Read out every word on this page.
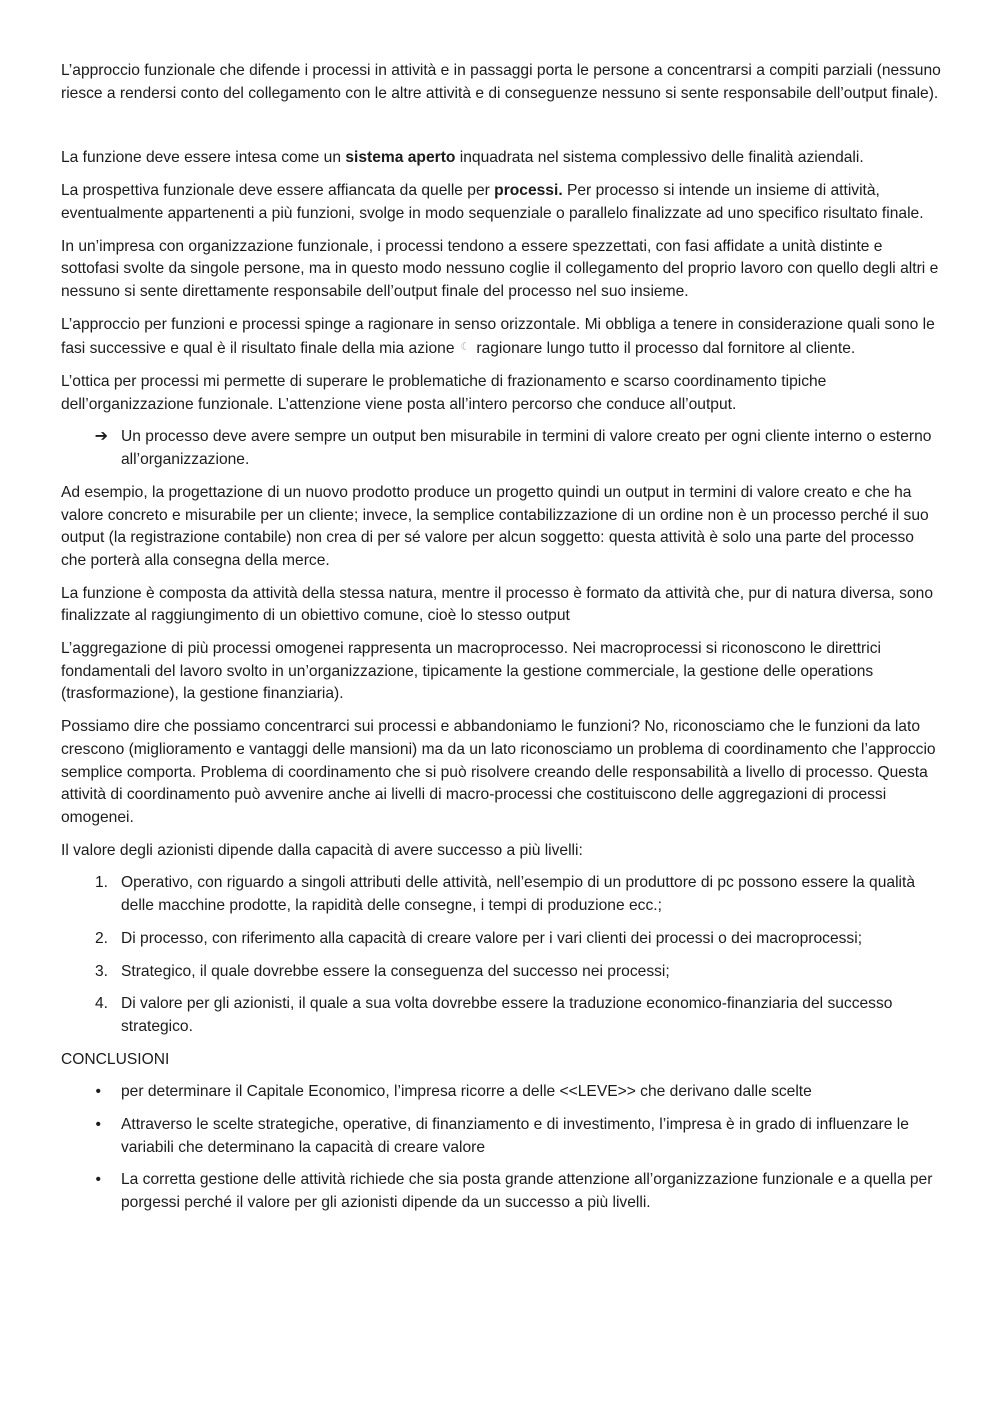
L’approccio funzionale che difende i processi in attività e in passaggi porta le persone a concentrarsi a compiti parziali (nessuno riesce a rendersi conto del collegamento con le altre attività e di conseguenze nessuno si sente responsabile dell’output finale).

La funzione deve essere intesa come un sistema aperto inquadrata nel sistema complessivo delle finalità aziendali.

La prospettiva funzionale deve essere affiancata da quelle per processi. Per processo si intende un insieme di attività, eventualmente appartenenti a più funzioni, svolge in modo sequenziale o parallelo finalizzate ad uno specifico risultato finale.

In un’impresa con organizzazione funzionale, i processi tendono a essere spezzettati, con fasi affidate a unità distinte e sottofasi svolte da singole persone, ma in questo modo nessuno coglie il collegamento del proprio lavoro con quello degli altri e nessuno si sente direttamente responsabile dell’output finale del processo nel suo insieme.

L’approccio per funzioni e processi spinge a ragionare in senso orizzontale. Mi obbliga a tenere in considerazione quali sono le fasi successive e qual è il risultato finale della mia azione ☾ ragionare lungo tutto il processo dal fornitore al cliente.

L’ottica per processi mi permette di superare le problematiche di frazionamento e scarso coordinamento tipiche dell’organizzazione funzionale. L’attenzione viene posta all’intero percorso che conduce all’output.

➔ Un processo deve avere sempre un output ben misurabile in termini di valore creato per ogni cliente interno o esterno all’organizzazione.

Ad esempio, la progettazione di un nuovo prodotto produce un progetto quindi un output in termini di valore creato e che ha valore concreto e misurabile per un cliente; invece, la semplice contabilizzazione di un ordine non è un processo perché il suo output (la registrazione contabile) non crea di per sé valore per alcun soggetto: questa attività è solo una parte del processo che porterà alla consegna della merce.

La funzione è composta da attività della stessa natura, mentre il processo è formato da attività che, pur di natura diversa, sono finalizzate al raggiungimento di un obiettivo comune, cioè lo stesso output

L’aggregazione di più processi omogenei rappresenta un macroprocesso. Nei macroprocessi si riconoscono le direttrici fondamentali del lavoro svolto in un’organizzazione, tipicamente la gestione commerciale, la gestione delle operations (trasformazione), la gestione finanziaria).

Possiamo dire che possiamo concentrarci sui processi e abbandoniamo le funzioni? No, riconosciamo che le funzioni da lato crescono (miglioramento e vantaggi delle mansioni) ma da un lato riconosciamo un problema di coordinamento che l’approccio semplice comporta. Problema di coordinamento che si può risolvere creando delle responsabilità a livello di processo. Questa attività di coordinamento può avvenire anche ai livelli di macro-processi che costituiscono delle aggregazioni di processi omogenei.

Il valore degli azionisti dipende dalla capacità di avere successo a più livelli:

1. Operativo, con riguardo a singoli attributi delle attività, nell’esempio di un produttore di pc possono essere la qualità delle macchine prodotte, la rapidità delle consegne, i tempi di produzione ecc.;
2. Di processo, con riferimento alla capacità di creare valore per i vari clienti dei processi o dei macroprocessi;
3. Strategico, il quale dovrebbe essere la conseguenza del successo nei processi;
4. Di valore per gli azionisti, il quale a sua volta dovrebbe essere la traduzione economico-finanziaria del successo strategico.

CONCLUSIONI

•	per determinare il Capitale Economico, l’impresa ricorre a delle <<LEVE>> che derivano dalle scelte
•	Attraverso le scelte strategiche, operative, di finanziamento e di investimento, l’impresa è in grado di influenzare le variabili che determinano la capacità di creare valore
•	La corretta gestione delle attività richiede che sia posta grande attenzione all’organizzazione funzionale e a quella per porgessi perché il valore per gli azionisti dipende da un successo a più livelli.
